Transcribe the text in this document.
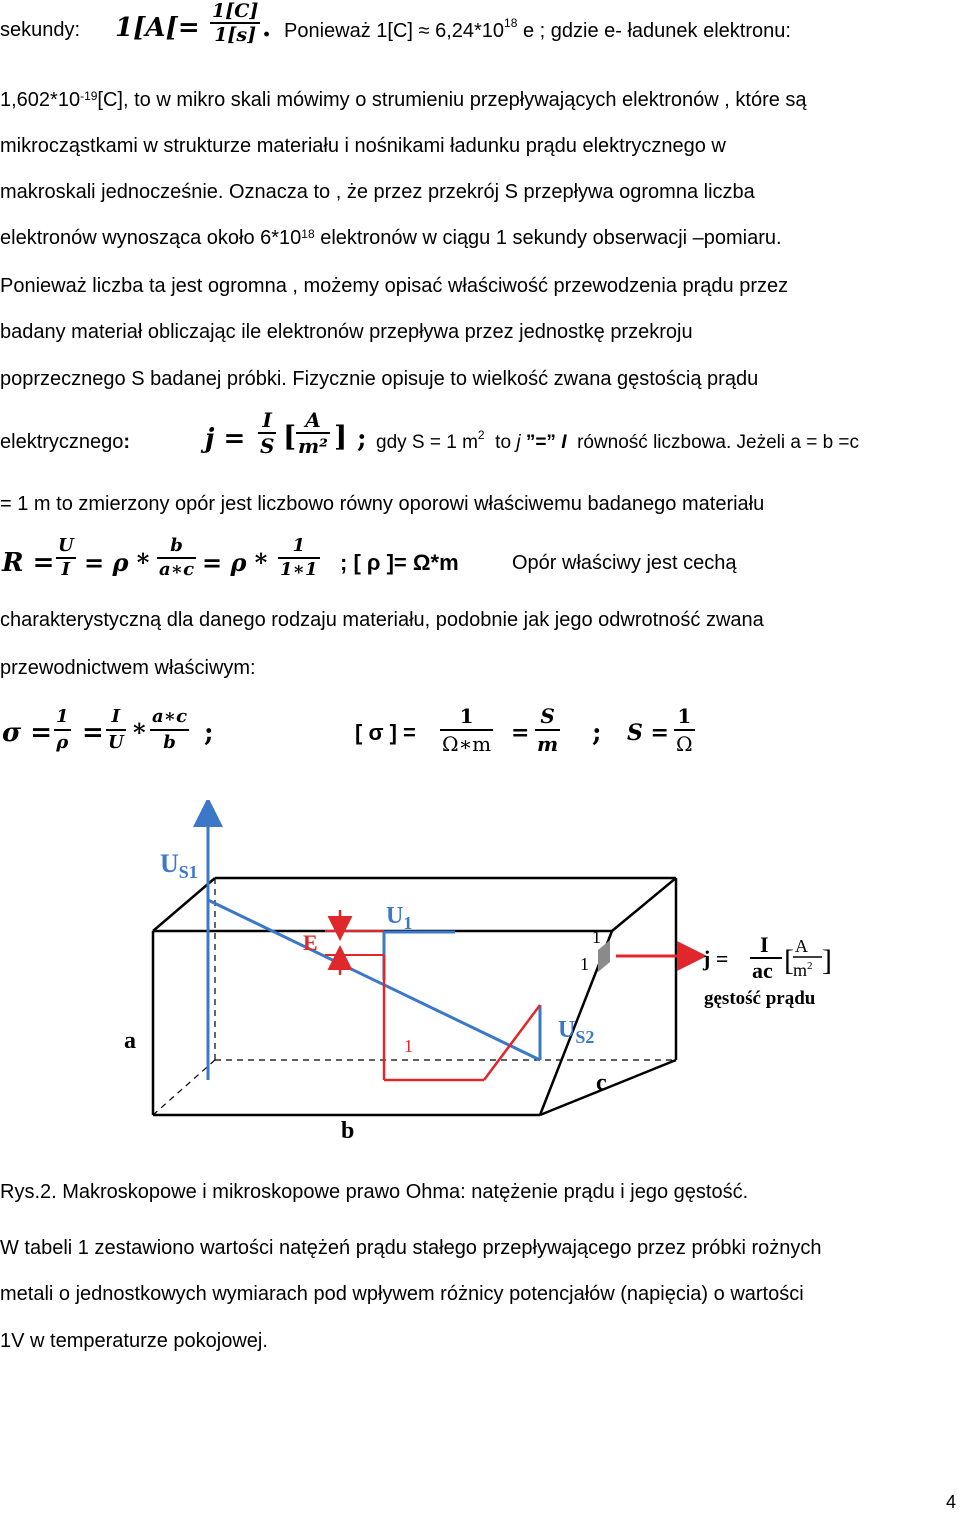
sekundy: 1[A[=
1[C]
1[s] . Ponieważ $1[C] \approx 6,24*10^{18}$ e ; gdzie e- ładunek elektronu:
$1,602*10^{-19}[C]$, to w mikro skali mówimy o strumieniu przepływających elektronów , które są
mikrocząstkami w strukturze materiału i nośnikami ładunku prądu elektrycznego w
makroskali jednocześnie. Oznacza to , że przez przekrój S przepływa ogromna liczba
elektronów wynosząca około $6*10^{18}$ elektronów w ciągu 1 sekundy obserwacji –pomiaru.
Ponieważ liczba ta jest ogromna , możemy opisać właściwość przewodzenia prądu przez
badany materiał obliczając ile elektronów przepływa przez jednostkę przekroju
poprzecznego S badanej próbki. Fizycznie opisuje to wielkość zwana gęstością prądu
elektrycznego:	j =
I
S [ A
m² ] ; gdy S = 1 $m^2$ to j ”=” I równość liczbowa. Jeżeli a = b =c
= 1 m to zmierzony opór jest liczbowo równy oporowi właściwemu badanego materiału
R =
U
I = ρ *
b
a∗c = ρ *
1
1∗1 ; [ ρ ]= Ω*m	Opór właściwy jest cechą
charakterystyczną dla danego rodzaju materiału, podobnie jak jego odwrotność zwana
przewodnictwem właściwym:
σ =
1
ρ =
I
U *
a∗c
b	;	[ σ ] =
1
Ω∗m =
S
m ; S =
1
Ω
$U_{S1}$
$U_1$
E	1
1
1
$U_{S2}$
a
b
c
j =
I
ac [ A
$m^2$ ]
gęstość prądu
Rys.2. Makroskopowe i mikroskopowe prawo Ohma: natężenie prądu i jego gęstość.
W tabeli 1 zestawiono wartości natężeń prądu stałego przepływającego przez próbki rożnych
metali o jednostkowych wymiarach pod wpływem różnicy potencjałów (napięcia) o wartości
1V w temperaturze pokojowej.
4
